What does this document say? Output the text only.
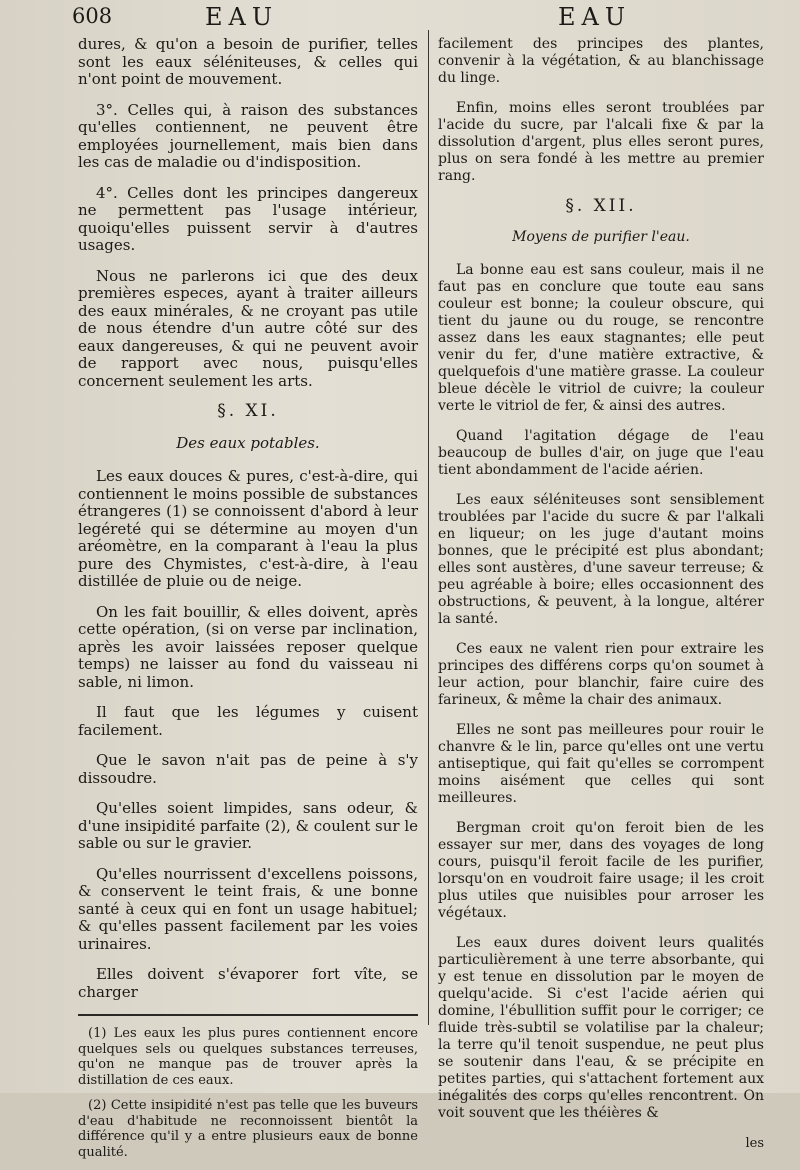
608	EAU	EAU

dures, & qu'on a besoin de purifier, telles sont les eaux séléniteuses, & celles qui n'ont point de mouvement.

3°. Celles qui, à raison des substances qu'elles contiennent, ne peuvent être employées journellement, mais bien dans les cas de maladie ou d'indisposition.

4°. Celles dont les principes dangereux ne permettent pas l'usage intérieur, quoiqu'elles puissent servir à d'autres usages.

Nous ne parlerons ici que des deux premières especes, ayant à traiter ailleurs des eaux minérales, & ne croyant pas utile de nous étendre d'un autre côté sur des eaux dangereuses, & qui ne peuvent avoir de rapport avec nous, puisqu'elles concernent seulement les arts.

§. XI.

Des eaux potables.

Les eaux douces & pures, c'est-à-dire, qui contiennent le moins possible de substances étrangeres (1) se connoissent d'abord à leur legéreté qui se détermine au moyen d'un aréomètre, en la comparant à l'eau la plus pure des Chymistes, c'est-à-dire, à l'eau distillée de pluie ou de neige.

On les fait bouillir, & elles doivent, après cette opération, (si on verse par inclination, après les avoir laissées reposer quelque temps) ne laisser au fond du vaisseau ni sable, ni limon.

Il faut que les légumes y cuisent facilement.

Que le savon n'ait pas de peine à s'y dissoudre.

Qu'elles soient limpides, sans odeur, & d'une insipidité parfaite (2), & coulent sur le sable ou sur le gravier.

Qu'elles nourrissent d'excellens poissons, & conservent le teint frais, & une bonne santé à ceux qui en font un usage habituel; & qu'elles passent facilement par les voies urinaires.

Elles doivent s'évaporer fort vîte, se charger

(1) Les eaux les plus pures contiennent encore quelques sels ou quelques substances terreuses, qu'on ne manque pas de trouver après la distillation de ces eaux.

(2) Cette insipidité n'est pas telle que les buveurs d'eau d'habitude ne reconnoissent bientôt la différence qu'il y a entre plusieurs eaux de bonne qualité.

facilement des principes des plantes, convenir à la végétation, & au blanchissage du linge.

Enfin, moins elles seront troublées par l'acide du sucre, par l'alcali fixe & par la dissolution d'argent, plus elles seront pures, plus on sera fondé à les mettre au premier rang.

§. XII.

Moyens de purifier l'eau.

La bonne eau est sans couleur, mais il ne faut pas en conclure que toute eau sans couleur est bonne; la couleur obscure, qui tient du jaune ou du rouge, se rencontre assez dans les eaux stagnantes; elle peut venir du fer, d'une matière extractive, & quelquefois d'une matière grasse. La couleur bleue décèle le vitriol de cuivre; la couleur verte le vitriol de fer, & ainsi des autres.

Quand l'agitation dégage de l'eau beaucoup de bulles d'air, on juge que l'eau tient abondamment de l'acide aérien.

Les eaux séléniteuses sont sensiblement troublées par l'acide du sucre & par l'alkali en liqueur; on les juge d'autant moins bonnes, que le précipité est plus abondant; elles sont austères, d'une saveur terreuse; & peu agréable à boire; elles occasionnent des obstructions, & peuvent, à la longue, altérer la santé.

Ces eaux ne valent rien pour extraire les principes des différens corps qu'on soumet à leur action, pour blanchir, faire cuire des farineux, & même la chair des animaux.

Elles ne sont pas meilleures pour rouir le chanvre & le lin, parce qu'elles ont une vertu antiseptique, qui fait qu'elles se corrompent moins aisément que celles qui sont meilleures.

Bergman croit qu'on feroit bien de les essayer sur mer, dans des voyages de long cours, puisqu'il feroit facile de les purifier, lorsqu'on en voudroit faire usage; il les croit plus utiles que nuisibles pour arroser les végétaux.

Les eaux dures doivent leurs qualités particulièrement à une terre absorbante, qui y est tenue en dissolution par le moyen de quelqu'acide. Si c'est l'acide aérien qui domine, l'ébullition suffit pour le corriger; ce fluide très-subtil se volatilise par la chaleur; la terre qu'il tenoit suspendue, ne peut plus se soutenir dans l'eau, & se précipite en petites parties, qui s'attachent fortement aux inégalités des corps qu'elles rencontrent. On voit souvent que les théières &

les
